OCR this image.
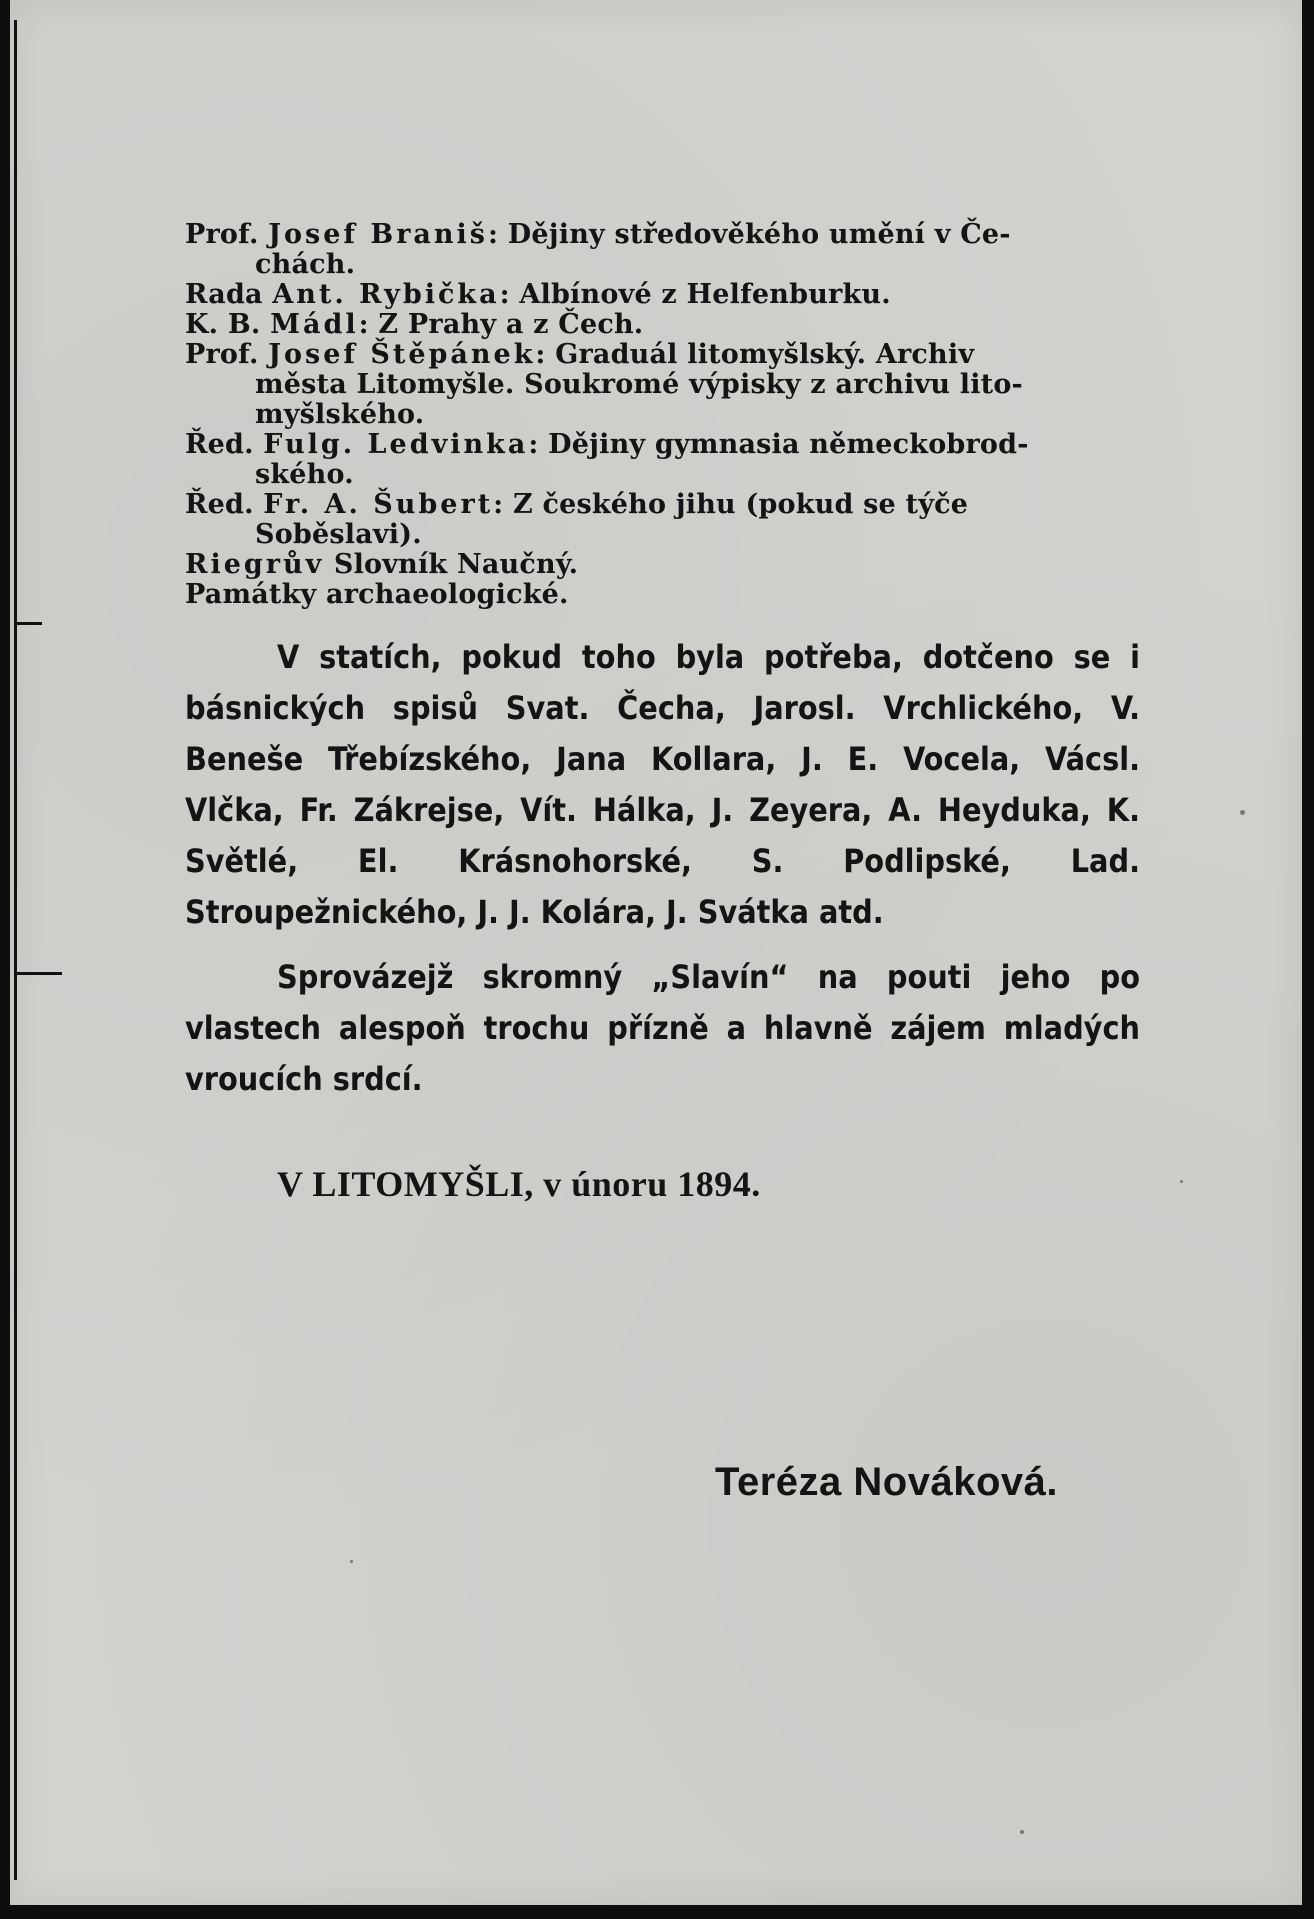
Prof. Josef Braniš: Dějiny středověkého umění v Če-
chách.

Rada Ant. Rybička: Albínové z Helfenburku.

K. B. Mádl: Z Prahy a z Čech.

Prof. Josef Štěpánek: Graduál litomyšlský. Archiv
města Litomyšle. Soukromé výpisky z archivu lito-
myšlského.

Řed. Fulg. Ledvinka: Dějiny gymnasia německobrod-
ského.

Řed. Fr. A. Šubert: Z českého jihu (pokud se týče
Soběslavi).

Riegrův Slovník Naučný.

Památky archaeologické.

V statích, pokud toho byla potřeba, dotčeno se i básnických spisů Svat. Čecha, Jarosl. Vrchlického, V. Beneše Třebízského, Jana Kollara, J. E. Vocela, Vácsl. Vlčka, Fr. Zákrejse, Vít. Hálka, J. Zeyera, A. Heyduka, K. Světlé, El. Krásnohorské, S. Podlipské, Lad. Stroupežnického, J. J. Kolára, J. Svátka atd.

Sprovázejž skromný „Slavín“ na pouti jeho po vlastech alespoň trochu přízně a hlavně zájem mladých vroucích srdcí.

V LITOMYŠLI, v únoru 1894.
Teréza Nováková.
